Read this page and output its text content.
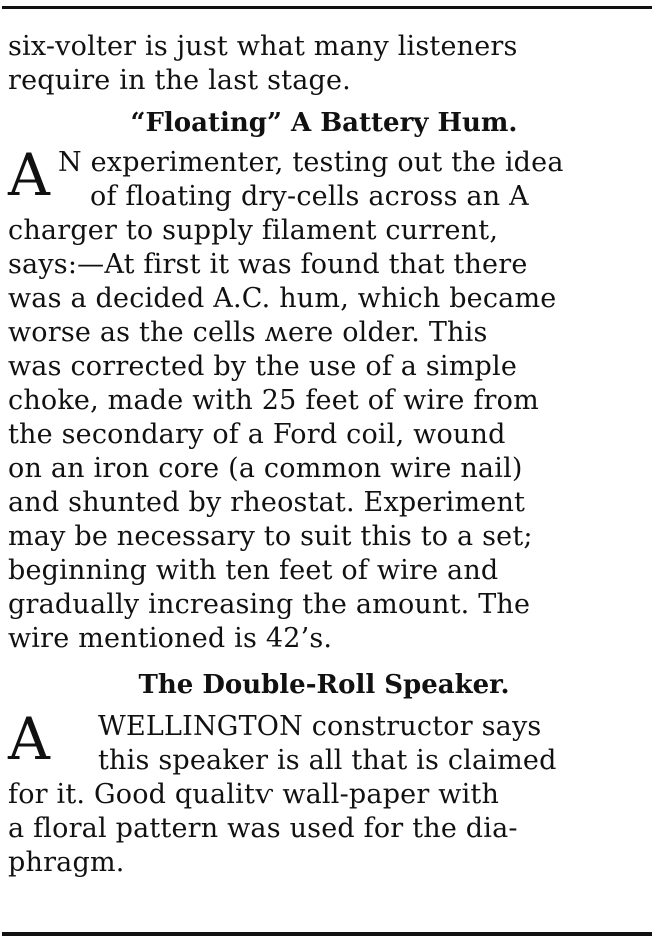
six-volter is just what many listeners
require in the last stage.
“Floating” A Battery Hum.
A N experimenter, testing out the idea
of floating dry-cells across an A
charger to supply filament current,
says:—At first it was found that there
was a decided A.C. hum, which became
worse as the cells ʍere older. This
was corrected by the use of a simple
choke, made with 25 feet of wire from
the secondary of a Ford coil, wound
on an iron core (a common wire nail)
and shunted by rheostat. Experiment
may be necessary to suit this to a set;
beginning with ten feet of wire and
gradually increasing the amount. The
wire mentioned is 42’s.
The Double-Roll Speaker.
A WELLINGTON constructor says
this speaker is all that is claimed
for it. Good qualitѵ wall-paper with
a floral pattern was used for the dia-
phragm.
